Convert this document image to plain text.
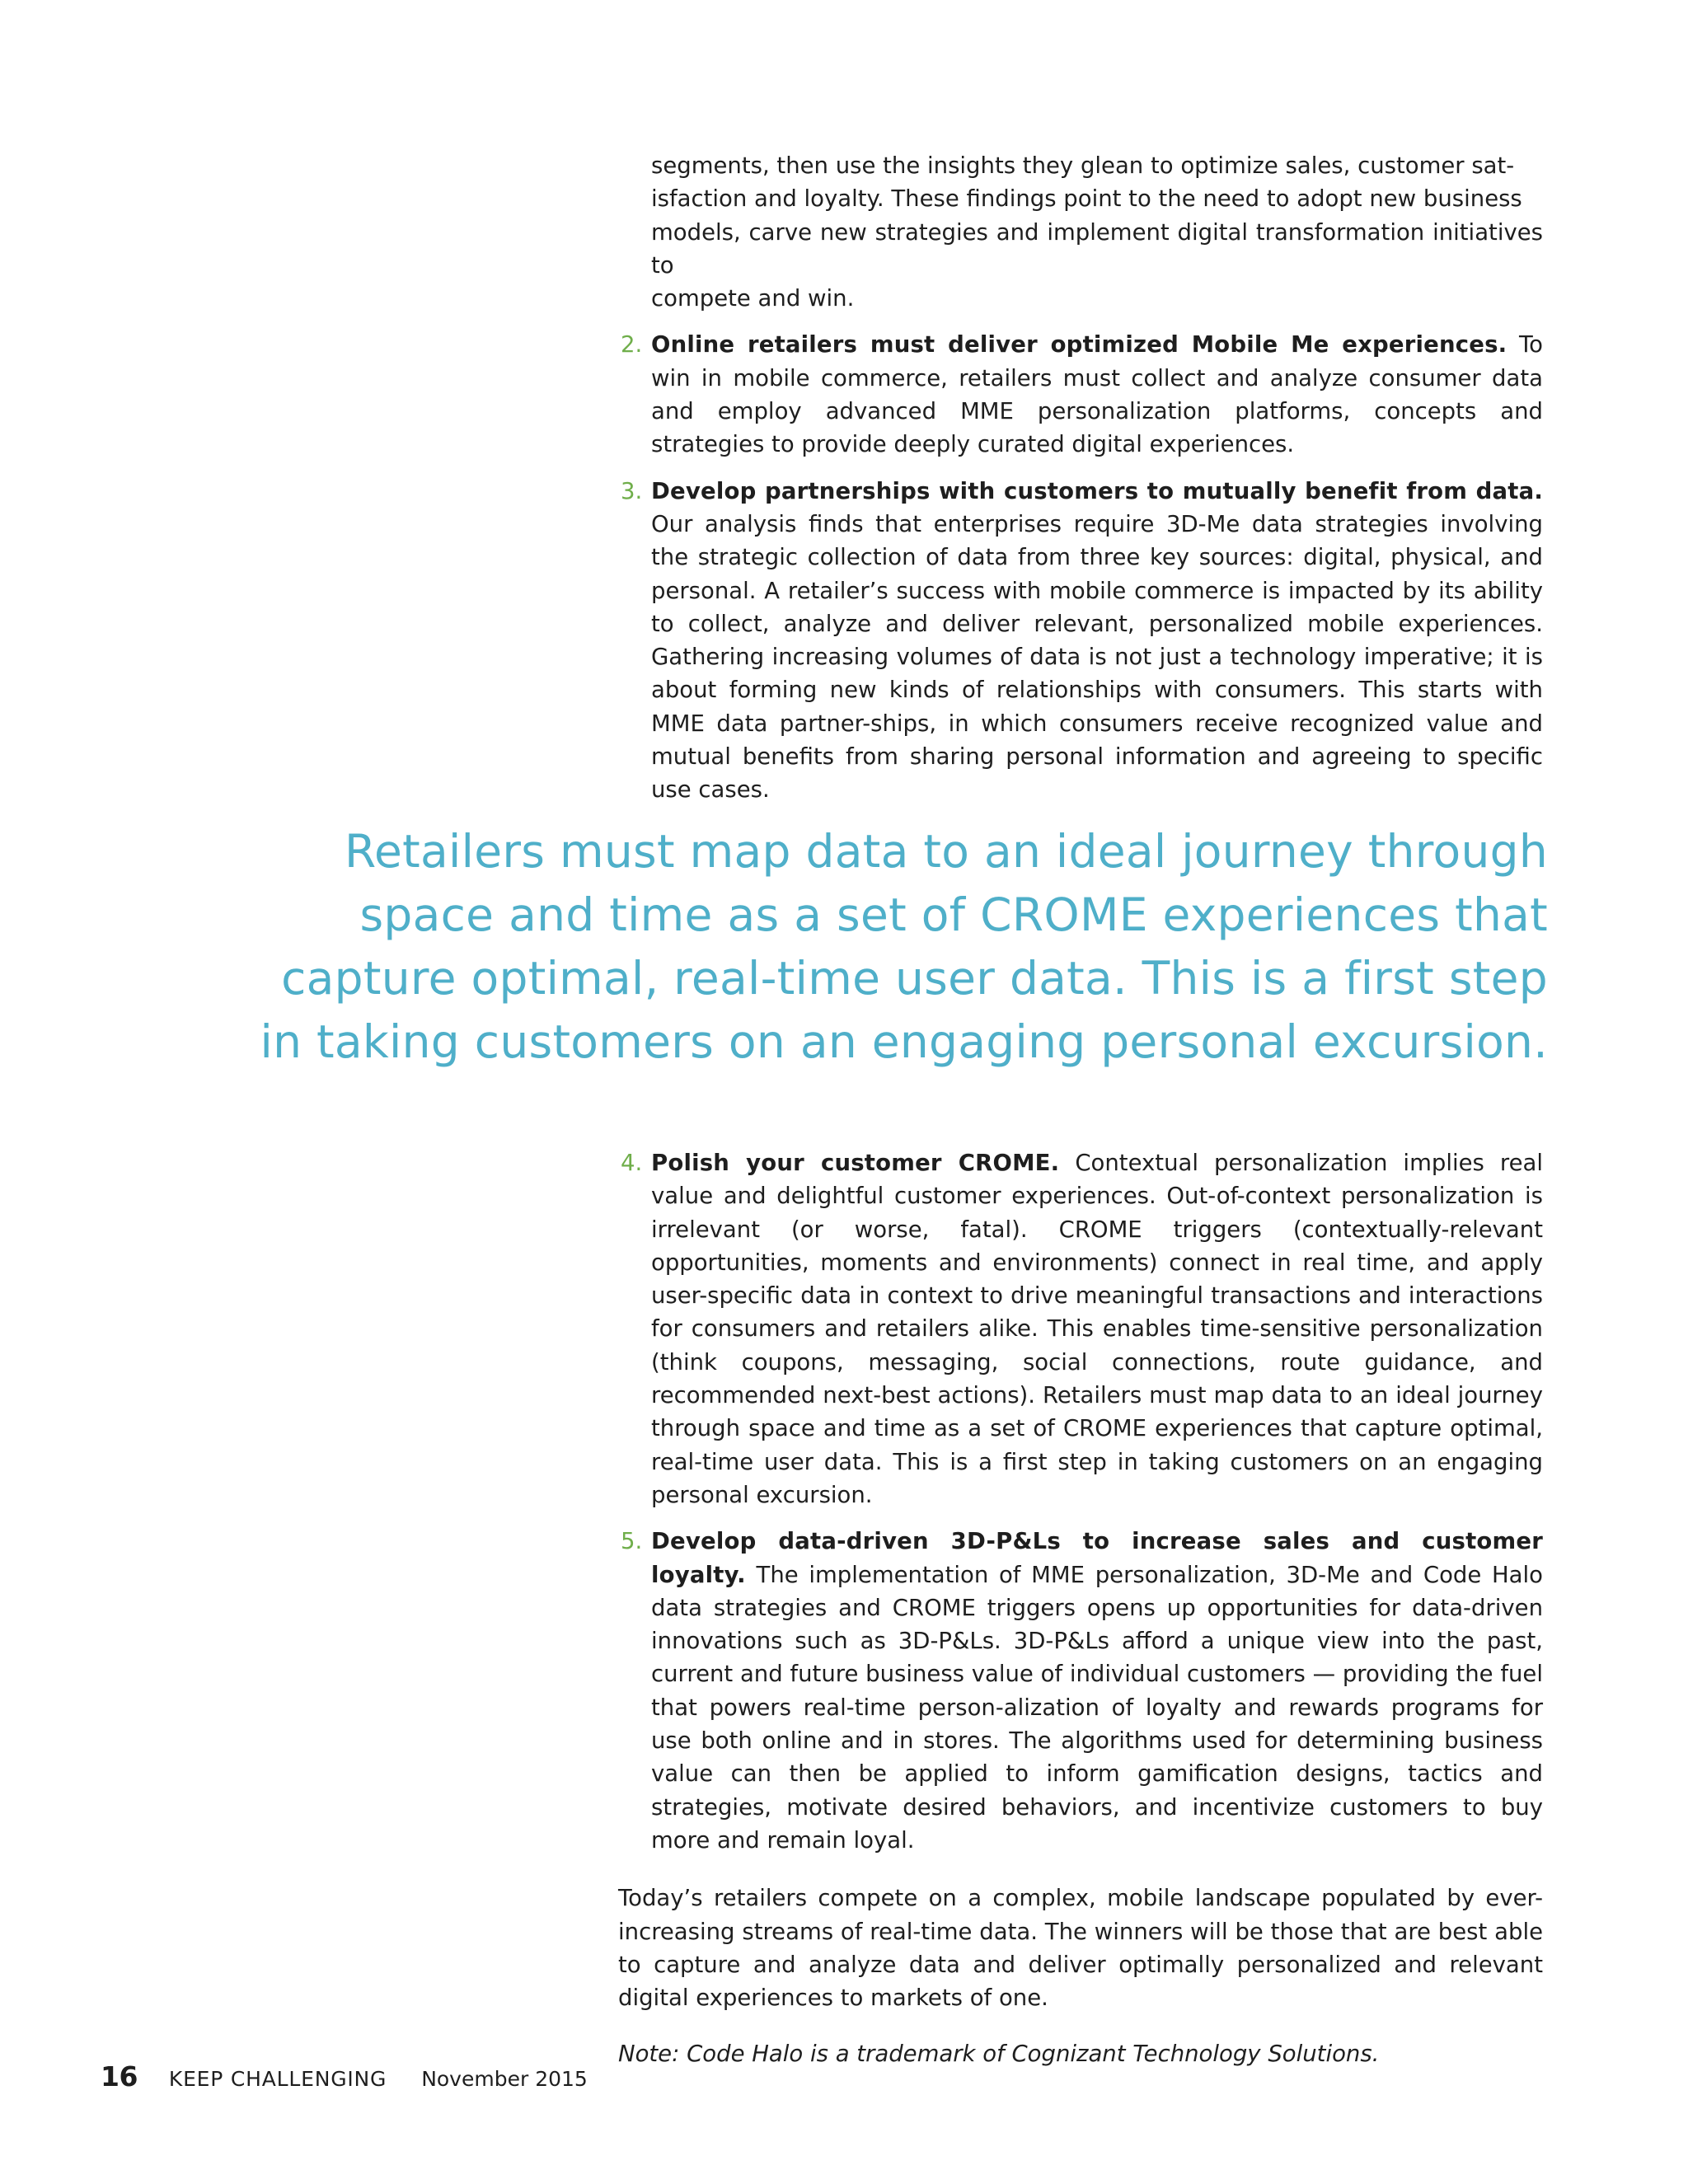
segments, then use the insights they glean to optimize sales, customer sat-
isfaction and loyalty. These findings point to the need to adopt new business
models, carve new strategies and implement digital transformation initiatives to
compete and win.

2. Online retailers must deliver optimized Mobile Me experiences. To win in mobile commerce, retailers must collect and analyze consumer data and employ advanced MME personalization platforms, concepts and strategies to provide deeply curated digital experiences.

3. Develop partnerships with customers to mutually benefit from data. Our analysis finds that enterprises require 3D-Me data strategies involving the strategic collection of data from three key sources: digital, physical, and personal. A retailer’s success with mobile commerce is impacted by its ability to collect, analyze and deliver relevant, personalized mobile experiences. Gathering increasing volumes of data is not just a technology imperative; it is about forming new kinds of relationships with consumers. This starts with MME data partner-ships, in which consumers receive recognized value and mutual benefits from sharing personal information and agreeing to specific use cases.

Retailers must map data to an ideal journey through
space and time as a set of CROME experiences that
capture optimal, real-time user data. This is a first step
in taking customers on an engaging personal excursion.

4. Polish your customer CROME. Contextual personalization implies real value and delightful customer experiences. Out-of-context personalization is irrelevant (or worse, fatal). CROME triggers (contextually-relevant opportunities, moments and environments) connect in real time, and apply user-specific data in context to drive meaningful transactions and interactions for consumers and retailers alike. This enables time-sensitive personalization (think coupons, messaging, social connections, route guidance, and recommended next-best actions). Retailers must map data to an ideal journey through space and time as a set of CROME experiences that capture optimal, real-time user data. This is a first step in taking customers on an engaging personal excursion.

5. Develop data-driven 3D-P&Ls to increase sales and customer loyalty. The implementation of MME personalization, 3D-Me and Code Halo data strategies and CROME triggers opens up opportunities for data-driven innovations such as 3D-P&Ls. 3D-P&Ls afford a unique view into the past, current and future business value of individual customers — providing the fuel that powers real-time person-alization of loyalty and rewards programs for use both online and in stores. The algorithms used for determining business value can then be applied to inform gamification designs, tactics and strategies, motivate desired behaviors, and incentivize customers to buy more and remain loyal.

Today’s retailers compete on a complex, mobile landscape populated by ever-increasing streams of real-time data. The winners will be those that are best able to capture and analyze data and deliver optimally personalized and relevant digital experiences to markets of one.

Note: Code Halo is a trademark of Cognizant Technology Solutions.

16 KEEP CHALLENGING November 2015
